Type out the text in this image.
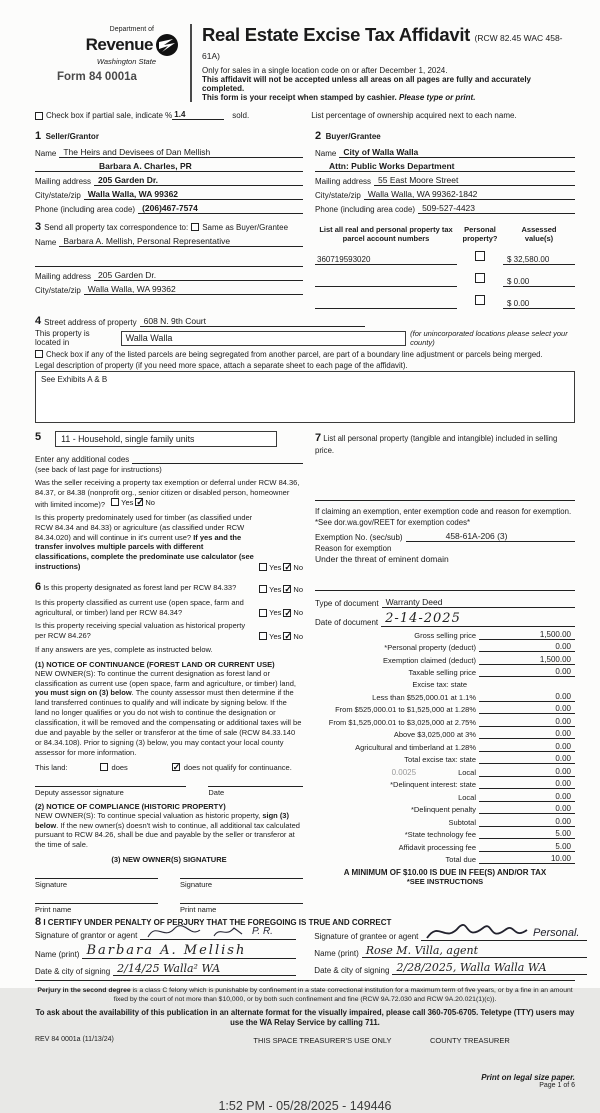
Department of
Revenue
Washington State
Form 84 0001a
Real Estate Excise Tax Affidavit (RCW 82.45 WAC 458-61A)
Only for sales in a single location code on or after December 1, 2024.
This affidavit will not be accepted unless all areas on all pages are fully and accurately completed.
This form is your receipt when stamped by cashier. Please type or print.
Check box if partial sale, indicate % 1.4	sold.	List percentage of ownership acquired next to each name.
1 Seller/Grantor
Name The Heirs and Devisees of Dan Mellish
Barbara A. Charles, PR
Mailing address 205 Garden Dr.
City/state/zip Walla Walla, WA 99362
Phone (including area code) (206)467-7574
2 Buyer/Grantee
Name City of Walla Walla
Attn: Public Works Department
Mailing address 55 East Moore Street
City/state/zip Walla Walla, WA 99362-1842
Phone (including area code) 509-527-4423
3 Send all property tax correspondence to: Same as Buyer/Grantee
Name Barbara A. Mellish, Personal Representative
Mailing address 205 Garden Dr.
City/state/zip Walla Walla, WA 99362
List all real and personal property tax parcel account numbers
Personal
property?
Assessed
value(s)
360719593020	$ 32,580.00
$ 0.00
$ 0.00
4 Street address of property 608 N. 9th Court
This property is located in	Walla Walla	(for unincorporated locations please select your county)
Check box if any of the listed parcels are being segregated from another parcel, are part of a boundary line adjustment or parcels being merged.
Legal description of property (if you need more space, attach a separate sheet to each page of the affidavit).
See Exhibits A & B
5	11 - Household, single family units
Enter any additional codes
(see back of last page for instructions)
Was the seller receiving a property tax exemption or deferral under RCW 84.36, 84.37, or 84.38 (nonprofit org., senior citizen or disabled person, homeowner with limited income)? Yes ✓ No
Is this property predominately used for timber (as classified under RCW 84.34 and 84.33) or agriculture (as classified under RCW 84.34.020) and will continue in it's current use? If yes and the transfer involves multiple parcels with different classifications, complete the predominate use calculator (see instructions)	Yes ✓ No
6 Is this property designated as forest land per RCW 84.33?	Yes ✓ No
Is this property classified as current use (open space, farm and agricultural, or timber) land per RCW 84.34?	Yes ✓ No
Is this property receiving special valuation as historical property per RCW 84.26?	Yes ✓ No
If any answers are yes, complete as instructed below.
(1) NOTICE OF CONTINUANCE (FOREST LAND OR CURRENT USE)
NEW OWNER(S): To continue the current designation as forest land or classification as current use (open space, farm and agriculture, or timber) land, you must sign on (3) below. The county assessor must then determine if the land transferred continues to qualify and will indicate by signing below. If the land no longer qualifies or you do not wish to continue the designation or classification, it will be removed and the compensating or additional taxes will be due and payable by the seller or transferor at the time of sale (RCW 84.33.140 or 84.34.108). Prior to signing (3) below, you may contact your local county assessor for more information.
This land:	does ✓	does not qualify for continuance.
Deputy assessor signature	Date
(2) NOTICE OF COMPLIANCE (HISTORIC PROPERTY)
NEW OWNER(S): To continue special valuation as historic property, sign (3) below. If the new owner(s) doesn't wish to continue, all additional tax calculated pursuant to RCW 84.26, shall be due and payable by the seller or transferor at the time of sale.
(3) NEW OWNER(S) SIGNATURE
Signature	Signature
Print name	Print name
7 List all personal property (tangible and intangible) included in selling price.
If claiming an exemption, enter exemption code and reason for exemption. *See dor.wa.gov/REET for exemption codes*
Exemption No. (sec/sub)	458-61A-206 (3)
Reason for exemption
Under the threat of eminent domain
Type of document Warranty Deed
Date of document 2-14-2025
Gross selling price	1,500.00
*Personal property (deduct)	0.00
Exemption claimed (deduct)	1,500.00
Taxable selling price	0.00
Excise tax: state
Less than $525,000.01 at 1.1%	0.00
From $525,000.01 to $1,525,000 at 1.28%	0.00
From $1,525,000.01 to $3,025,000 at 2.75%	0.00
Above $3,025,000 at 3%	0.00
Agricultural and timberland at 1.28%	0.00
Total excise tax: state	0.00
0.0025	Local	0.00
*Delinquent interest: state	0.00
Local	0.00
*Delinquent penalty	0.00
Subtotal	0.00
*State technology fee	5.00
Affidavit processing fee	5.00
Total due	10.00
A MINIMUM OF $10.00 IS DUE IN FEE(S) AND/OR TAX
*SEE INSTRUCTIONS
8 I CERTIFY UNDER PENALTY OF PERJURY THAT THE FOREGOING IS TRUE AND CORRECT
Signature of grantor or agent	P. R.
Name (print) Barbara A. Mellish
Date & city of signing 2/14/25 Walla² WA
Signature of grantee or agent	Personal.
Name (print) Rose M. Villa, agent
Date & city of signing 2/28/2025, Walla Walla WA
Perjury in the second degree is a class C felony which is punishable by confinement in a state correctional institution for a maximum term of five years, or by a fine in an amount fixed by the court of not more than $10,000, or by both such confinement and fine (RCW 9A.72.030 and RCW 9A.20.021(1)(c)).
To ask about the availability of this publication in an alternate format for the visually impaired, please call 360-705-6705. Teletype (TTY) users may use the WA Relay Service by calling 711.
REV 84 0001a (11/13/24)	THIS SPACE TREASURER'S USE ONLY	COUNTY TREASURER
Print on legal size paper.
Page 1 of 6
1:52 PM - 05/28/2025 - 149446
